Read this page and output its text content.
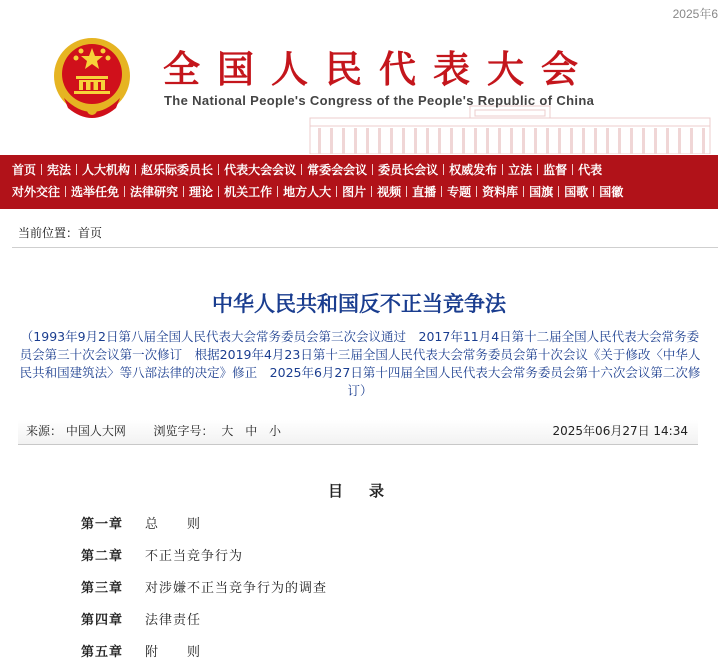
2025年6
全国人民代表大会
The National People's Congress of the People's Republic of China
首页 宪法 人大机构 赵乐际委员长 代表大会会议 常委会会议 委员长会议 权威发布 立法 监督 代表
对外交往 选举任免 法律研究 理论 机关工作 地方人大 图片 视频 直播 专题 资料库 国旗 国歌 国徽
当前位置：首页
中华人民共和国反不正当竞争法
（1993年9月2日第八届全国人民代表大会常务委员会第三次会议通过　2017年11月4日第十二届全国人民代表大会常务委员会第三十次会议第一次修订　根据2019年4月23日第十三届全国人民代表大会常务委员会第十次会议《关于修改〈中华人民共和国建筑法〉等八部法律的决定》修正　2025年6月27日第十四届全国人民代表大会常务委员会第十六次会议第二次修订）
来源： 中国人大网 浏览字号： 大 中 小	2025年06月27日 14:34
目录
第一章 总　　则
第二章 不正当竞争行为
第三章 对涉嫌不正当竞争行为的调查
第四章 法律责任
第五章 附　　则
